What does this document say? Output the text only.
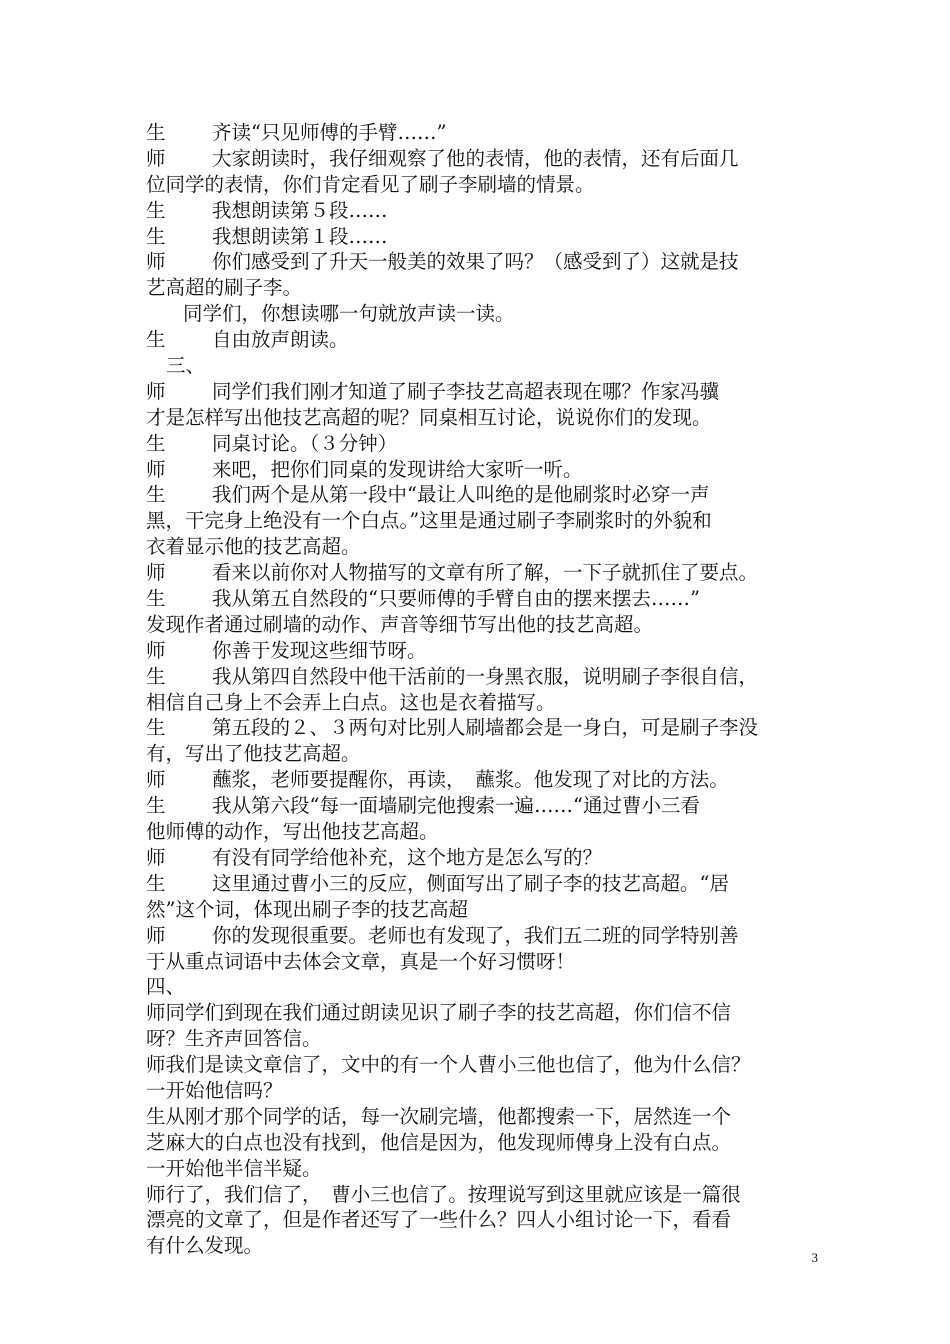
生 齐读“只见师傅的手臂……”
师 大家朗读时，我仔细观察了他的表情，他的表情，还有后面几
位同学的表情，你们肯定看见了刷子李刷墙的情景。
生 我想朗读第５段……
生 我想朗读第１段……
师 你们感受到了升天一般美的效果了吗？（感受到了）这就是技
艺高超的刷子李。
同学们，你想读哪一句就放声读一读。
生 自由放声朗读。
三、
师 同学们我们刚才知道了刷子李技艺高超表现在哪？作家冯骥
才是怎样写出他技艺高超的呢？同桌相互讨论，说说你们的发现。
生 同桌讨论。（３分钟）
师 来吧，把你们同桌的发现讲给大家听一听。
生 我们两个是从第一段中“最让人叫绝的是他刷浆时必穿一声
黑，干完身上绝没有一个白点。”这里是通过刷子李刷浆时的外貌和
衣着显示他的技艺高超。
师 看来以前你对人物描写的文章有所了解，一下子就抓住了要点。
生 我从第五自然段的“只要师傅的手臂自由的摆来摆去……”
发现作者通过刷墙的动作、声音等细节写出他的技艺高超。
师 你善于发现这些细节呀。
生 我从第四自然段中他干活前的一身黑衣服，说明刷子李很自信，
相信自己身上不会弄上白点。这也是衣着描写。
生 第五段的２、３两句对比别人刷墙都会是一身白，可是刷子李没
有，写出了他技艺高超。
师 蘸浆，老师要提醒你，再读，　蘸浆。他发现了对比的方法。
生 我从第六段“每一面墙刷完他搜索一遍……“通过曹小三看
他师傅的动作，写出他技艺高超。
师 有没有同学给他补充，这个地方是怎么写的？
生 这里通过曹小三的反应，侧面写出了刷子李的技艺高超。“居
然”这个词，体现出刷子李的技艺高超
师 你的发现很重要。老师也有发现了，我们五二班的同学特别善
于从重点词语中去体会文章，真是一个好习惯呀！
四、
师同学们到现在我们通过朗读见识了刷子李的技艺高超，你们信不信
呀？生齐声回答信。
师我们是读文章信了，文中的有一个人曹小三他也信了，他为什么信？
一开始他信吗？
生从刚才那个同学的话，每一次刷完墙，他都搜索一下，居然连一个
芝麻大的白点也没有找到，他信是因为，他发现师傅身上没有白点。
一开始他半信半疑。
师行了，我们信了，　曹小三也信了。按理说写到这里就应该是一篇很
漂亮的文章了，但是作者还写了一些什么？四人小组讨论一下，看看
有什么发现。
3
